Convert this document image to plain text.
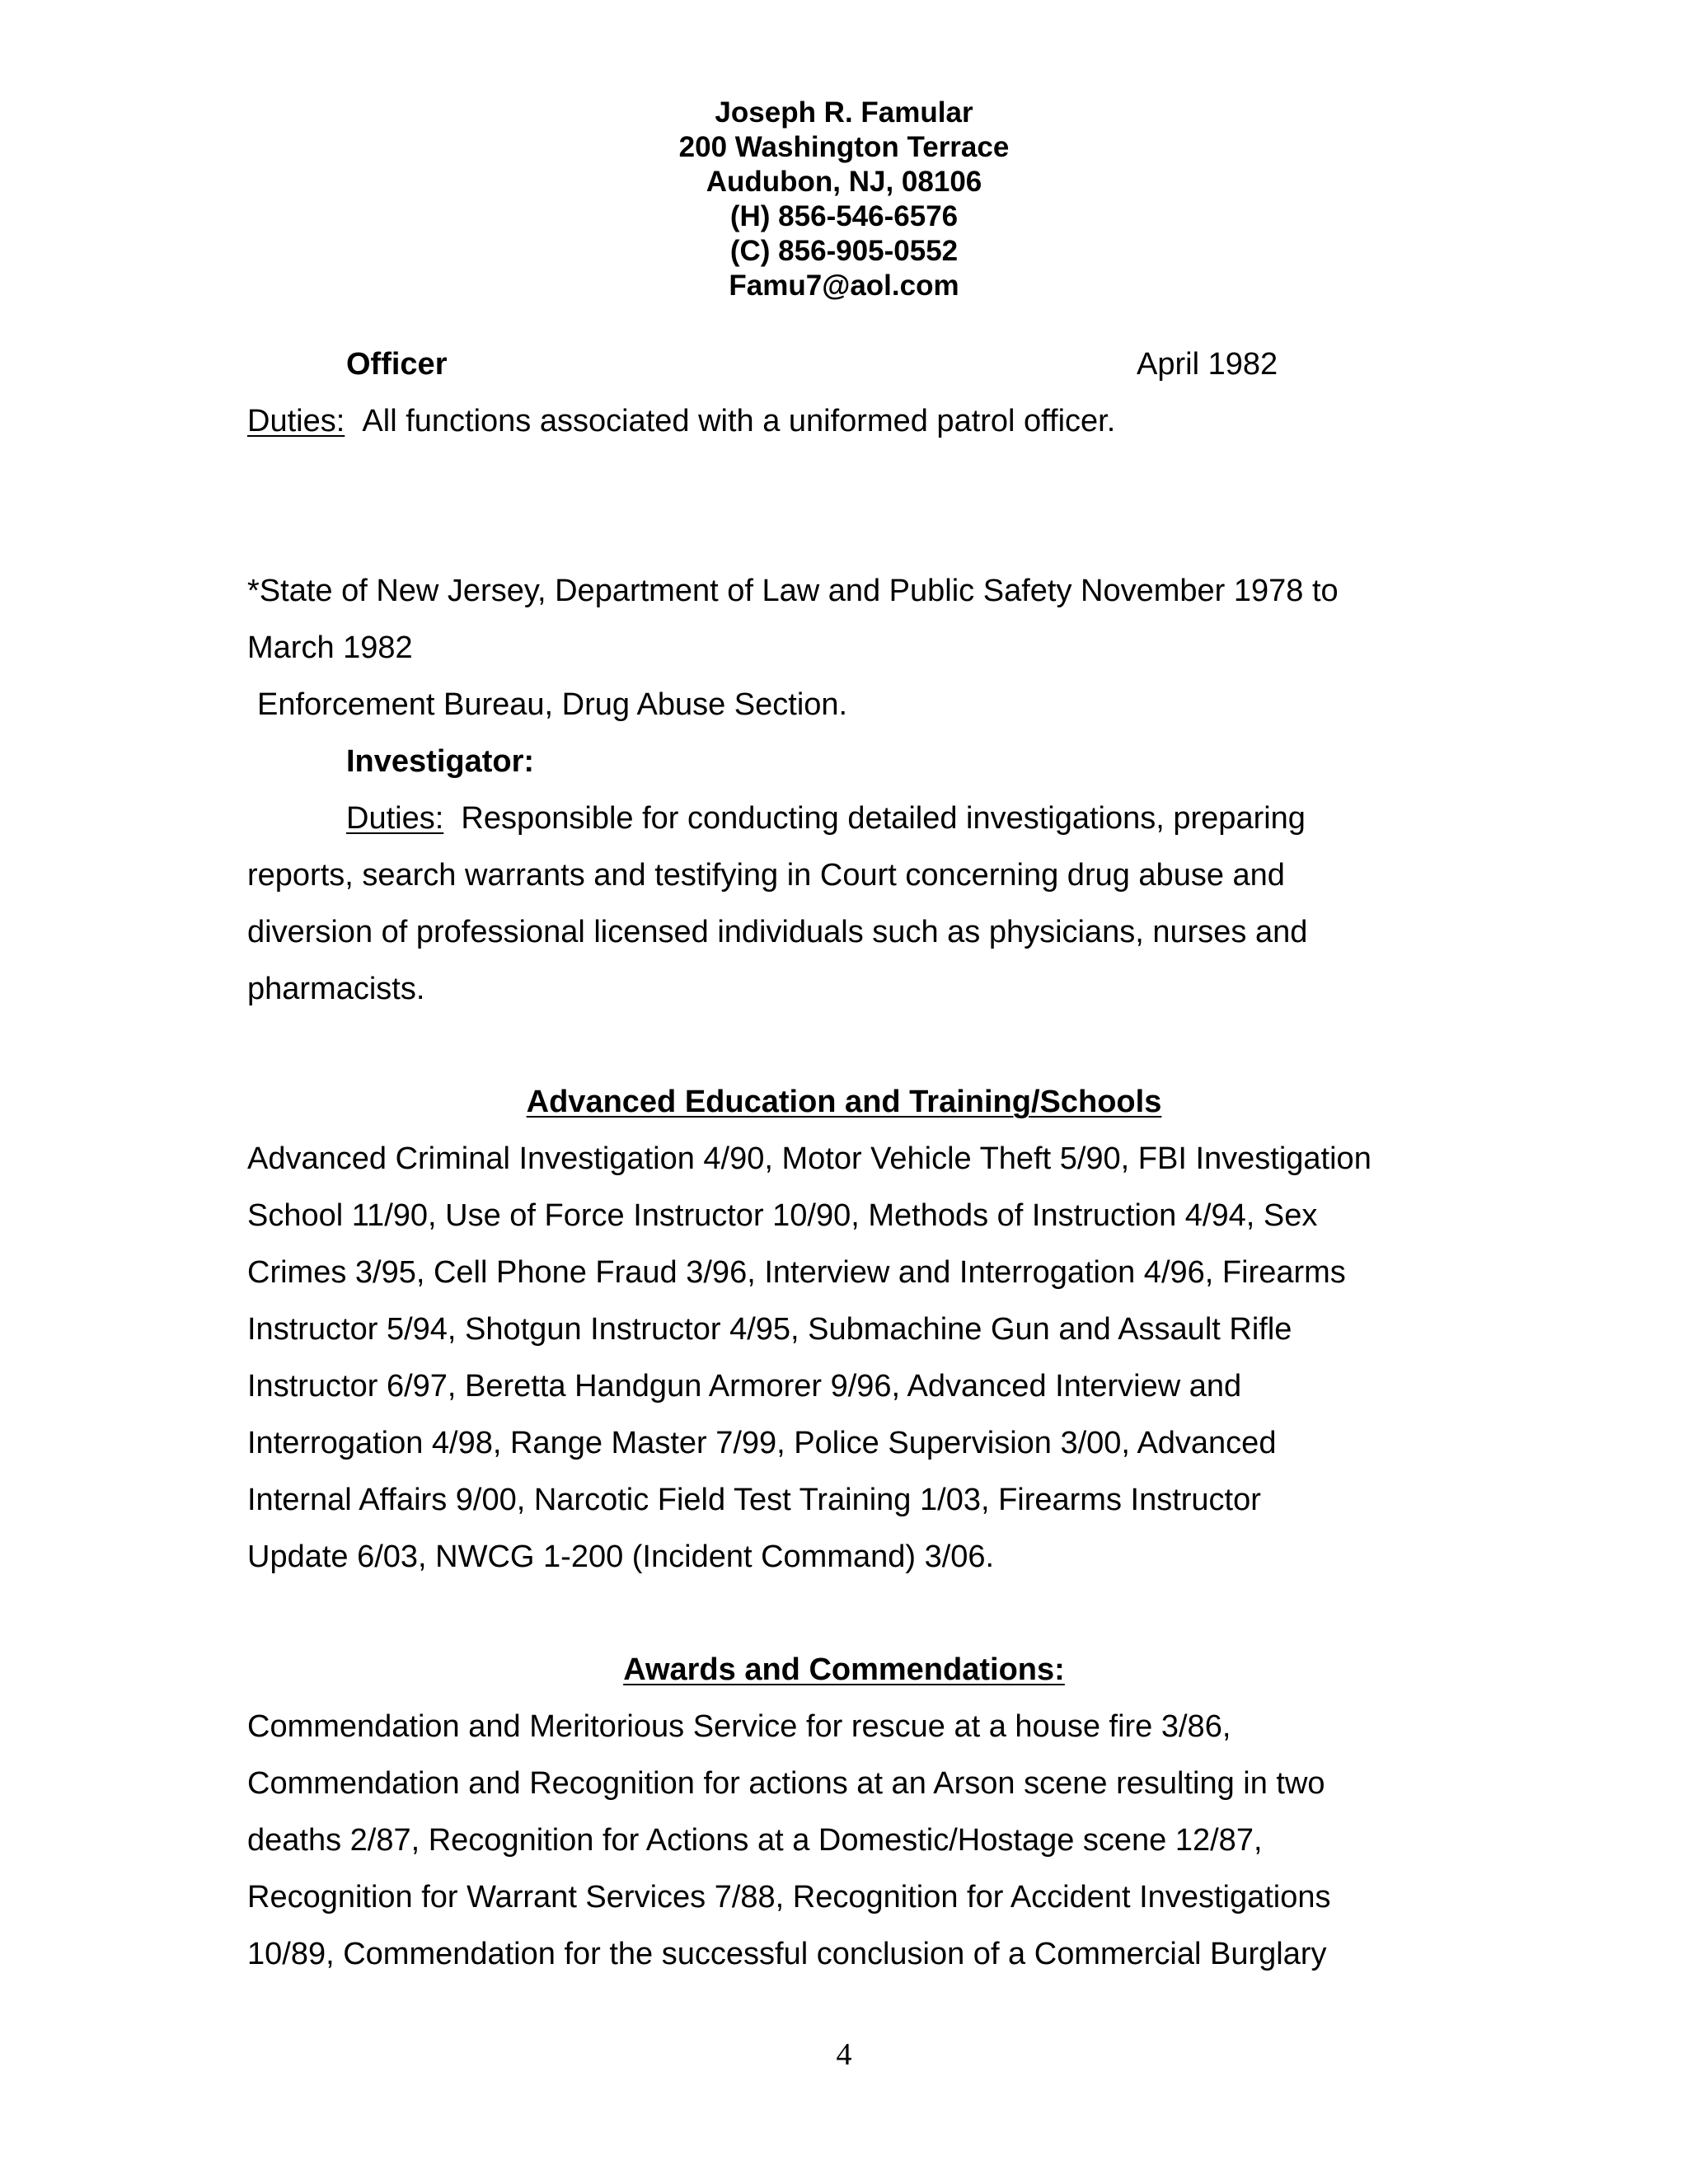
Joseph R. Famular
200 Washington Terrace
Audubon, NJ, 08106
(H) 856-546-6576
(C) 856-905-0552
Famu7@aol.com
Officer	April 1982
Duties: All functions associated with a uniformed patrol officer.
*State of New Jersey, Department of Law and Public Safety November 1978 to
March 1982
Enforcement Bureau, Drug Abuse Section.
Investigator:
Duties: Responsible for conducting detailed investigations, preparing
reports, search warrants and testifying in Court concerning drug abuse and
diversion of professional licensed individuals such as physicians, nurses and
pharmacists.
Advanced Education and Training/Schools
Advanced Criminal Investigation 4/90, Motor Vehicle Theft 5/90, FBI Investigation
School 11/90, Use of Force Instructor 10/90, Methods of Instruction 4/94, Sex
Crimes 3/95, Cell Phone Fraud 3/96, Interview and Interrogation 4/96, Firearms
Instructor 5/94, Shotgun Instructor 4/95, Submachine Gun and Assault Rifle
Instructor 6/97, Beretta Handgun Armorer 9/96, Advanced Interview and
Interrogation 4/98, Range Master 7/99, Police Supervision 3/00, Advanced
Internal Affairs 9/00, Narcotic Field Test Training 1/03, Firearms Instructor
Update 6/03, NWCG 1-200 (Incident Command) 3/06.
Awards and Commendations:
Commendation and Meritorious Service for rescue at a house fire 3/86,
Commendation and Recognition for actions at an Arson scene resulting in two
deaths 2/87, Recognition for Actions at a Domestic/Hostage scene 12/87,
Recognition for Warrant Services 7/88, Recognition for Accident Investigations
10/89, Commendation for the successful conclusion of a Commercial Burglary
4
